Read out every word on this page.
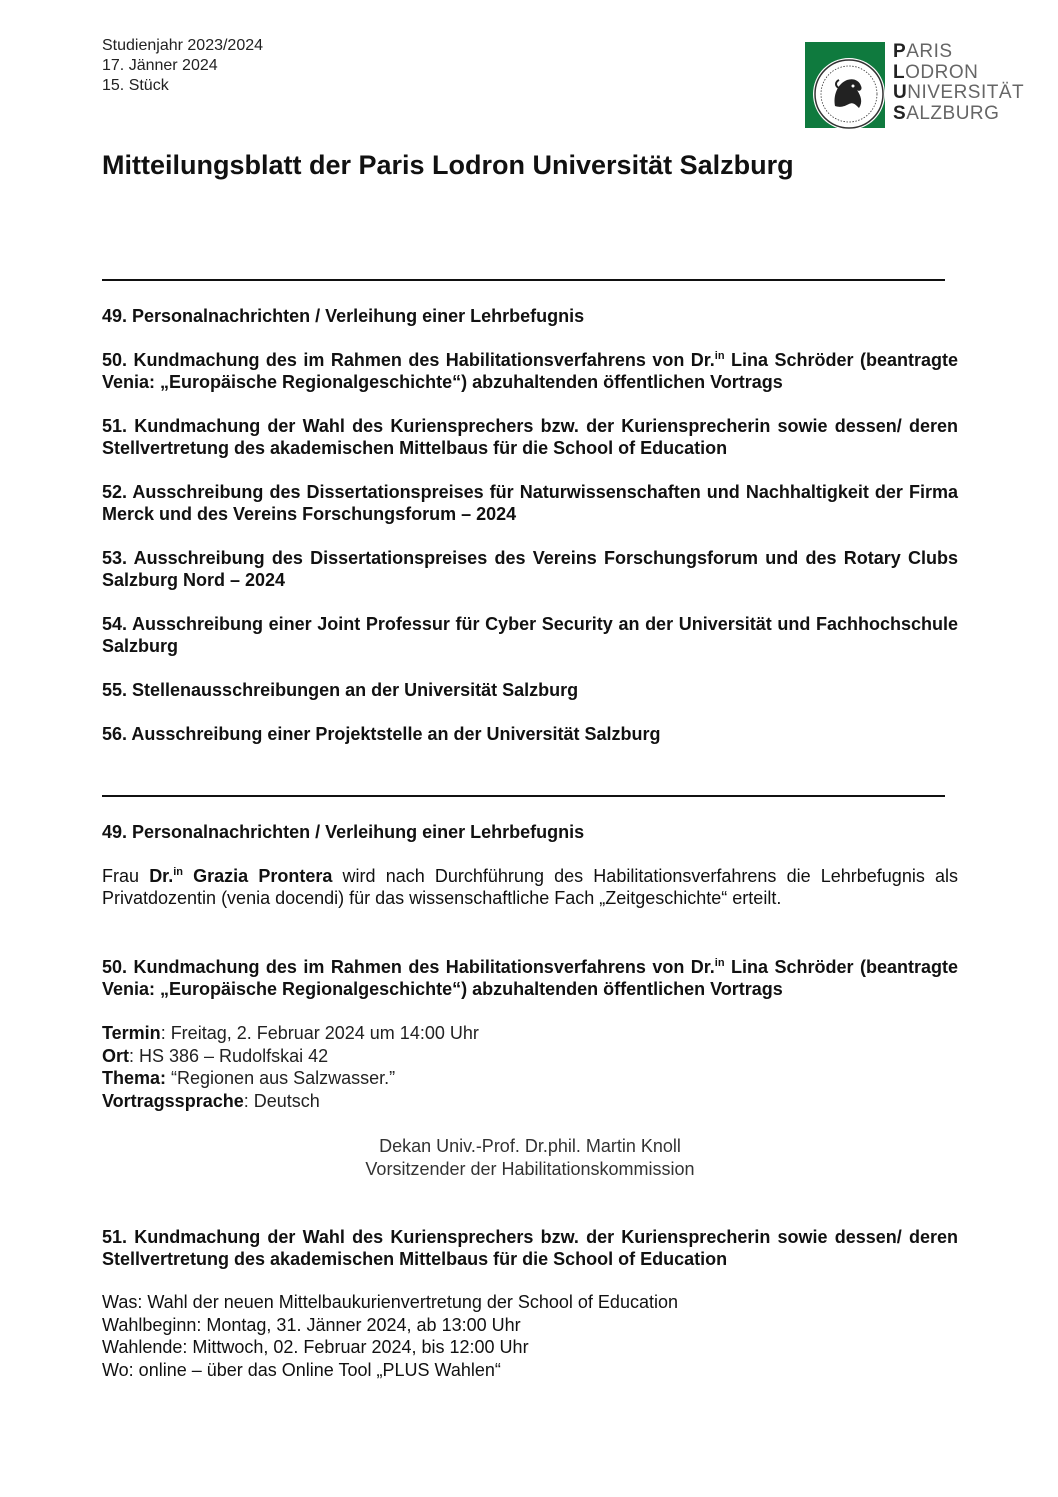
Studienjahr 2023/2024
17. Jänner 2024
15. Stück
PARIS
LODRON
UNIVERSITÄT
SALZBURG
Mitteilungsblatt der Paris Lodron Universität Salzburg

49. Personalnachrichten / Verleihung einer Lehrbefugnis

50. Kundmachung des im Rahmen des Habilitationsverfahrens von Dr.$^{in}$ Lina Schröder (beantragte Venia: „Europäische Regionalgeschichte“) abzuhaltenden öffentlichen Vortrags

51. Kundmachung der Wahl des Kuriensprechers bzw. der Kuriensprecherin sowie dessen/ deren Stellvertretung des akademischen Mittelbaus für die School of Education

52. Ausschreibung des Dissertationspreises für Naturwissenschaften und Nachhaltigkeit der Firma Merck und des Vereins Forschungsforum – 2024

53. Ausschreibung des Dissertationspreises des Vereins Forschungsforum und des Rotary Clubs Salzburg Nord – 2024

54. Ausschreibung einer Joint Professur für Cyber Security an der Universität und Fachhochschule Salzburg

55. Stellenausschreibungen an der Universität Salzburg

56. Ausschreibung einer Projektstelle an der Universität Salzburg

49. Personalnachrichten / Verleihung einer Lehrbefugnis
Frau Dr.$^{in}$ Grazia Prontera wird nach Durchführung des Habilitationsverfahrens die Lehrbefugnis als Privatdozentin (venia docendi) für das wissenschaftliche Fach „Zeitgeschichte“ erteilt.
50. Kundmachung des im Rahmen des Habilitationsverfahrens von Dr.$^{in}$ Lina Schröder (beantragte Venia: „Europäische Regionalgeschichte“) abzuhaltenden öffentlichen Vortrags
Termin: Freitag, 2. Februar 2024 um 14:00 Uhr
Ort: HS 386 – Rudolfskai 42
Thema: “Regionen aus Salzwasser.”
Vortragssprache: Deutsch
Dekan Univ.-Prof. Dr.phil. Martin Knoll
Vorsitzender der Habilitationskommission
51. Kundmachung der Wahl des Kuriensprechers bzw. der Kuriensprecherin sowie dessen/ deren Stellvertretung des akademischen Mittelbaus für die School of Education
Was: Wahl der neuen Mittelbaukurienvertretung der School of Education
Wahlbeginn: Montag, 31. Jänner 2024, ab 13:00 Uhr
Wahlende: Mittwoch, 02. Februar 2024, bis 12:00 Uhr
Wo: online – über das Online Tool „PLUS Wahlen“
